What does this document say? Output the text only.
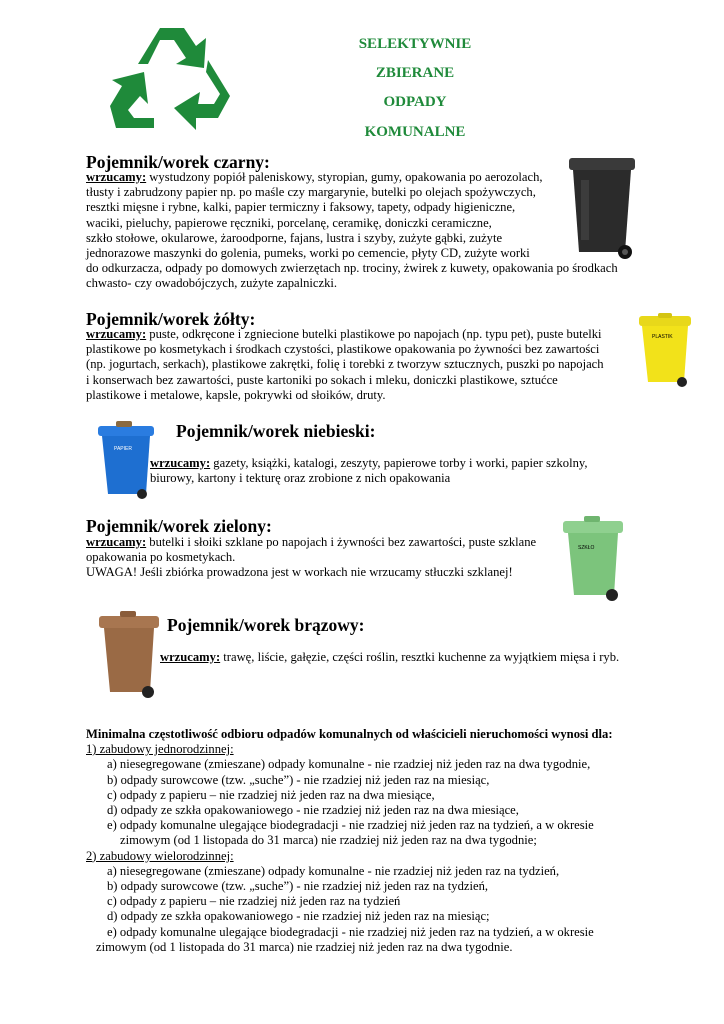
SELEKTYWNIE
ZBIERANE
ODPADY
KOMUNALNE
Pojemnik/worek czarny:
wrzucamy: wystudzony popiół paleniskowy, styropian, gumy, opakowania po aerozolach,
tłusty i zabrudzony papier np. po maśle czy margarynie, butelki po olejach spożywczych,
resztki mięsne i rybne, kalki, papier termiczny i faksowy, tapety, odpady higieniczne,
waciki, pieluchy, papierowe ręczniki, porcelanę, ceramikę, doniczki ceramiczne,
szkło stołowe, okularowe, żaroodporne, fajans, lustra i szyby, zużyte gąbki, zużyte
jednorazowe maszynki do golenia, pumeks, worki po cemencie, płyty CD, zużyte worki
do odkurzacza, odpady po domowych zwierzętach np. trociny, żwirek z kuwety, opakowania po środkach
chwasto- czy owadobójczych, zużyte zapalniczki.
Pojemnik/worek żółty:
wrzucamy: puste, odkręcone i zgniecione butelki plastikowe po napojach (np. typu pet), puste butelki
plastikowe po kosmetykach i środkach czystości, plastikowe opakowania po żywności bez zawartości
(np. jogurtach, serkach), plastikowe zakrętki, folię i torebki z tworzyw sztucznych, puszki po napojach
i konserwach bez zawartości, puste kartoniki po sokach i mleku, doniczki plastikowe, sztućce
plastikowe i metalowe, kapsle, pokrywki od słoików, druty.
PLASTIK
PAPIER
Pojemnik/worek niebieski:
wrzucamy: gazety, książki, katalogi, zeszyty, papierowe torby i worki, papier szkolny,
biurowy, kartony i tekturę oraz zrobione z nich opakowania
Pojemnik/worek zielony:
wrzucamy: butelki i słoiki szklane po napojach i żywności bez zawartości, puste szklane
opakowania po kosmetykach.
UWAGA! Jeśli zbiórka prowadzona jest w workach nie wrzucamy stłuczki szklanej!
SZKŁO
Pojemnik/worek brązowy:
wrzucamy: trawę, liście, gałęzie, części roślin, resztki kuchenne za wyjątkiem mięsa i ryb.
Minimalna częstotliwość odbioru odpadów komunalnych od właścicieli nieruchomości wynosi dla:
1) zabudowy jednorodzinnej:
a) niesegregowane (zmieszane) odpady komunalne - nie rzadziej niż jeden raz na dwa tygodnie,
b) odpady surowcowe (tzw. „suche”) - nie rzadziej niż jeden raz na miesiąc,
c) odpady z papieru – nie rzadziej niż jeden raz na dwa miesiące,
d) odpady ze szkła opakowaniowego - nie rzadziej niż jeden raz na dwa miesiące,
e) odpady komunalne ulegające biodegradacji - nie rzadziej niż jeden raz na tydzień, a w okresie
zimowym (od 1 listopada do 31 marca) nie rzadziej niż jeden raz na dwa tygodnie;
2) zabudowy wielorodzinnej:
a) niesegregowane (zmieszane) odpady komunalne - nie rzadziej niż jeden raz na tydzień,
b) odpady surowcowe (tzw. „suche”) - nie rzadziej niż jeden raz na tydzień,
c) odpady z papieru – nie rzadziej niż jeden raz na tydzień
d) odpady ze szkła opakowaniowego - nie rzadziej niż jeden raz na miesiąc;
e) odpady komunalne ulegające biodegradacji - nie rzadziej niż jeden raz na tydzień, a w okresie
zimowym (od 1 listopada do 31 marca) nie rzadziej niż jeden raz na dwa tygodnie.
